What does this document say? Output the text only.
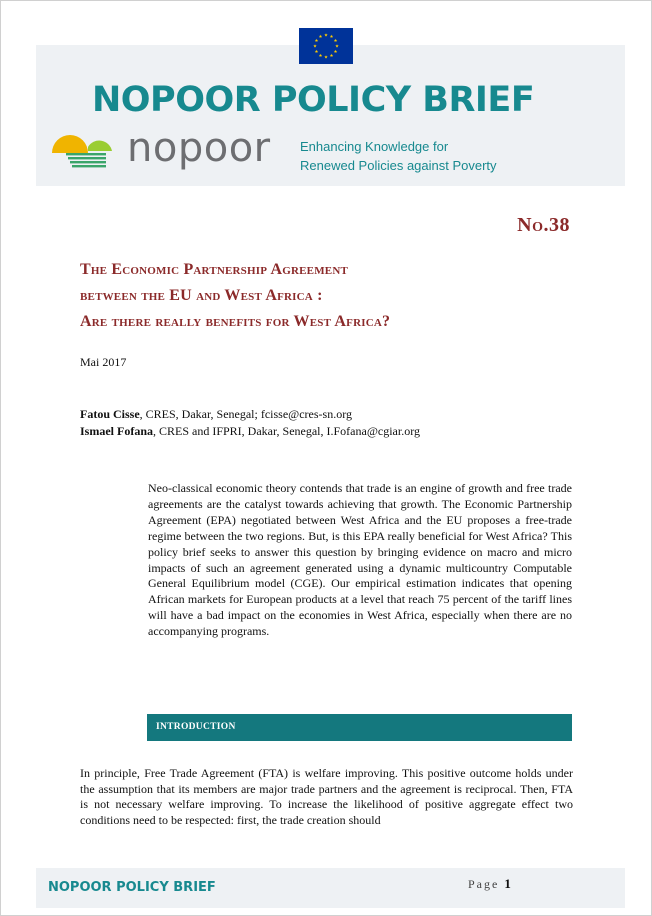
NOPOOR POLICY BRIEF
nopoor Enhancing Knowledge for
Renewed Policies against Poverty
No.38
The Economic Partnership Agreement
between the EU and West Africa :
Are there really benefits for West Africa?
Mai 2017
Fatou Cisse, CRES, Dakar, Senegal; fcisse@cres-sn.org
Ismael Fofana, CRES and IFPRI, Dakar, Senegal, I.Fofana@cgiar.org
Neo-classical economic theory contends that trade is an engine of growth and free trade agreements are the catalyst towards achieving that growth. The Economic Partnership Agreement (EPA) negotiated between West Africa and the EU proposes a free-trade regime between the two regions. But, is this EPA really beneficial for West Africa? This policy brief seeks to answer this question by bringing evidence on macro and micro impacts of such an agreement generated using a dynamic multicountry Computable General Equilibrium model (CGE). Our empirical estimation indicates that opening African markets for European products at a level that reach 75 percent of the tariff lines will have a bad impact on the economies in West Africa, especially when there are no accompanying programs.
INTRODUCTION
In principle, Free Trade Agreement (FTA) is welfare improving. This positive outcome holds under the assumption that its members are major trade partners and the agreement is reciprocal. Then, FTA is not necessary welfare improving. To increase the likelihood of positive aggregate effect two conditions need to be respected: first, the trade creation should
NOPOOR POLICY BRIEF	Page 1
